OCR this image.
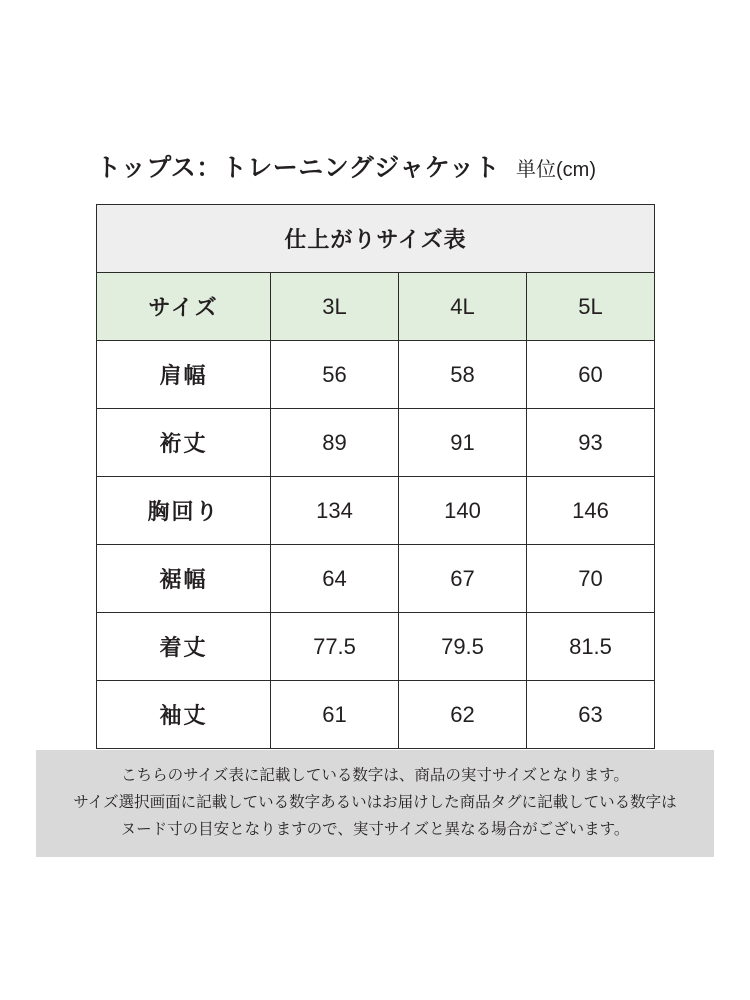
トップス：トレーニングジャケット 単位(cm)
仕上がりサイズ表			
サイズ	3L	4L	5L
肩幅	56	58	60
裄丈	89	91	93
胸回り	134	140	146
裾幅	64	67	70
着丈	77.5	79.5	81.5
袖丈	61	62	63
こちらのサイズ表に記載している数字は、商品の実寸サイズとなります。
サイズ選択画面に記載している数字あるいはお届けした商品タグに記載している数字は
ヌード寸の目安となりますので、実寸サイズと異なる場合がございます。
